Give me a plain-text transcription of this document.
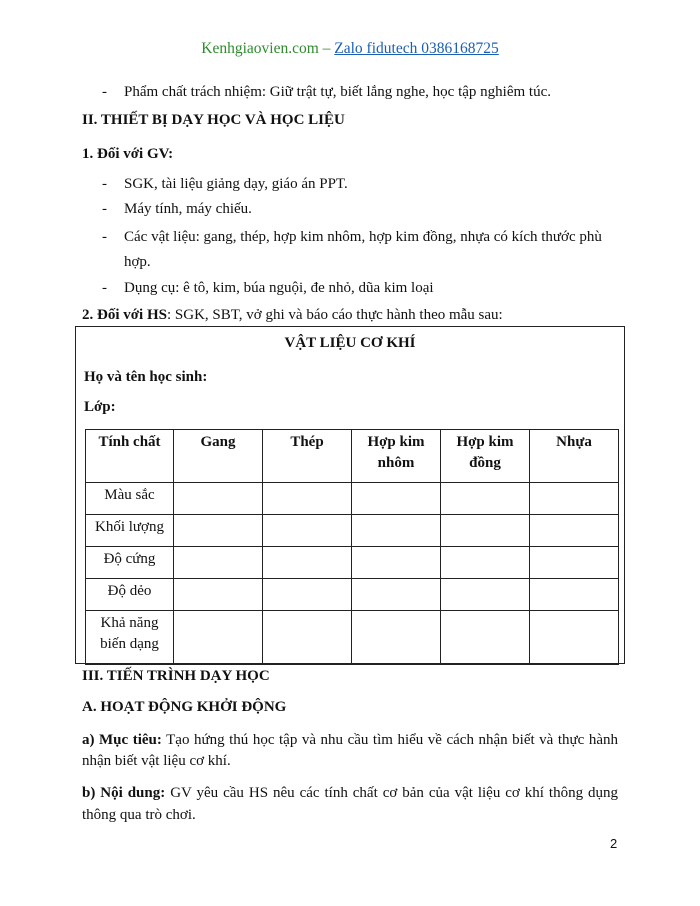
Kenhgiaovien.com – Zalo fidutech 0386168725
- Phẩm chất trách nhiệm: Giữ trật tự, biết lắng nghe, học tập nghiêm túc.
II. THIẾT BỊ DẠY HỌC VÀ HỌC LIỆU
1. Đối với GV:
- SGK, tài liệu giảng dạy, giáo án PPT.
- Máy tính, máy chiếu.
- Các vật liệu: gang, thép, hợp kim nhôm, hợp kim đồng, nhựa có kích thước phù
hợp.
- Dụng cụ: ê tô, kim, búa nguội, đe nhỏ, dũa kim loại
2. Đối với HS: SGK, SBT, vở ghi và báo cáo thực hành theo mẫu sau:
VẬT LIỆU CƠ KHÍ
Họ và tên học sinh:
Lớp:
Tính chất	Gang	Thép	Hợp kim nhôm	Hợp kim đồng	Nhựa
Màu sắc					
Khối lượng					
Độ cứng					
Độ dẻo					
Khả năng biến dạng					
III. TIẾN TRÌNH DẠY HỌC
A. HOẠT ĐỘNG KHỞI ĐỘNG
a) Mục tiêu: Tạo hứng thú học tập và nhu cầu tìm hiểu về cách nhận biết và thực hành nhận biết vật liệu cơ khí.
b) Nội dung: GV yêu cầu HS nêu các tính chất cơ bản của vật liệu cơ khí thông dụng thông qua trò chơi.
2
